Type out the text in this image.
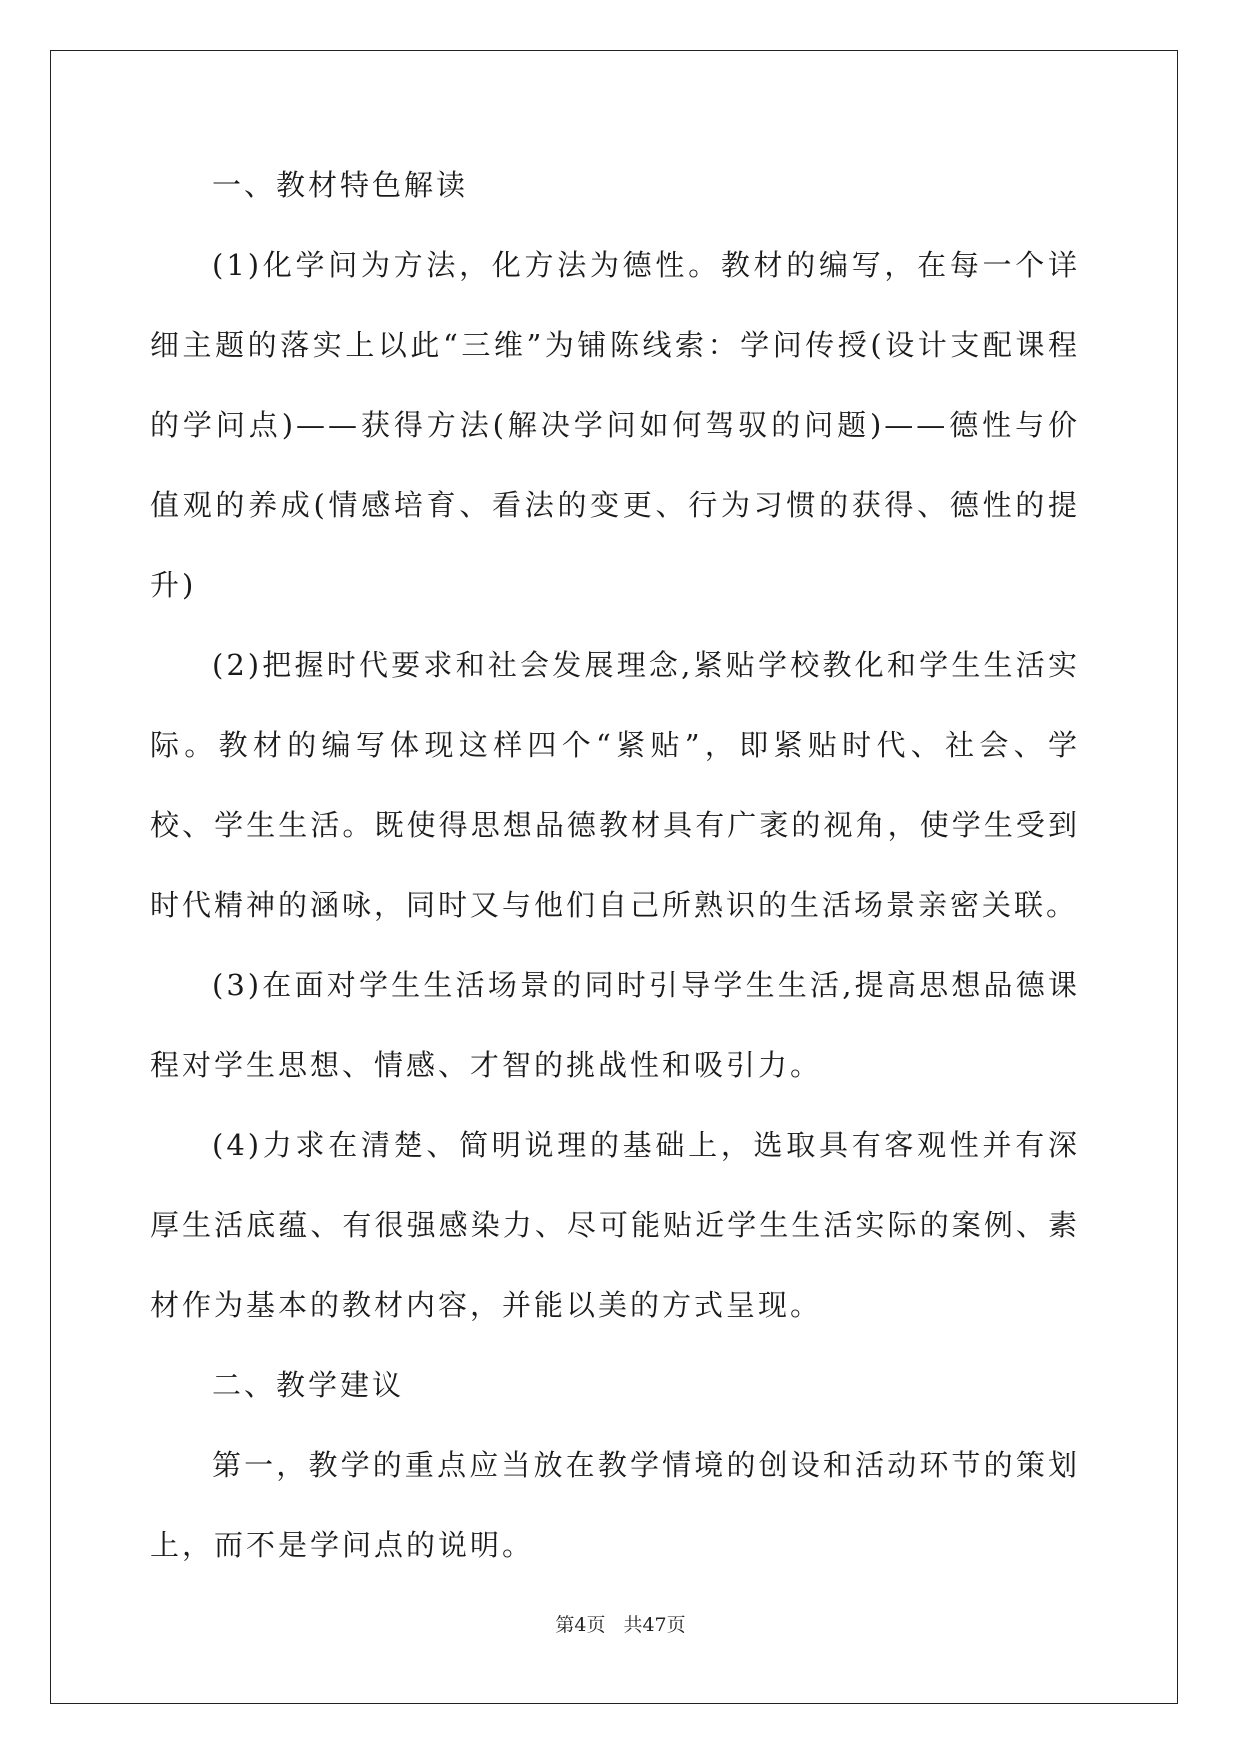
一、教材特色解读

(1)化学问为方法，化方法为德性。教材的编写，在每一个详细主题的落实上以此“三维”为铺陈线索：学问传授(设计支配课程的学问点)——获得方法(解决学问如何驾驭的问题)——德性与价值观的养成(情感培育、看法的变更、行为习惯的获得、德性的提升)

(2)把握时代要求和社会发展理念,紧贴学校教化和学生生活实际。教材的编写体现这样四个“紧贴”，即紧贴时代、社会、学校、学生生活。既使得思想品德教材具有广袤的视角，使学生受到时代精神的涵咏，同时又与他们自己所熟识的生活场景亲密关联。

(3)在面对学生生活场景的同时引导学生生活,提高思想品德课程对学生思想、情感、才智的挑战性和吸引力。

(4)力求在清楚、简明说理的基础上，选取具有客观性并有深厚生活底蕴、有很强感染力、尽可能贴近学生生活实际的案例、素材作为基本的教材内容，并能以美的方式呈现。

二、教学建议

第一，教学的重点应当放在教学情境的创设和活动环节的策划上，而不是学问点的说明。

第4页 共47页
